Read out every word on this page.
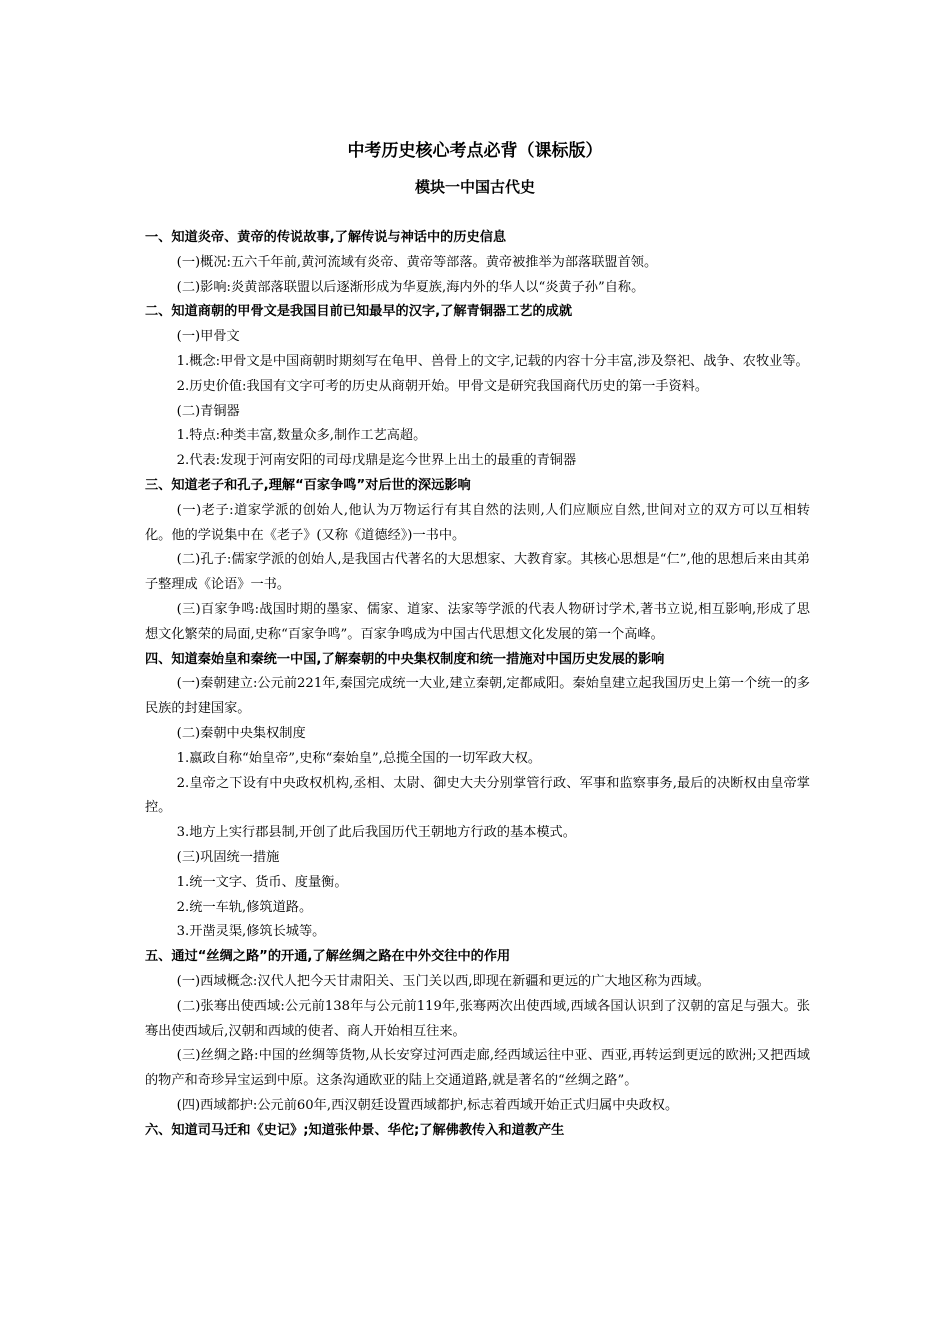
中考历史核心考点必背（课标版）
模块一中国古代史

一、知道炎帝、黄帝的传说故事,了解传说与神话中的历史信息

(一)概况:五六千年前,黄河流域有炎帝、黄帝等部落。黄帝被推举为部落联盟首领。

(二)影响:炎黄部落联盟以后逐渐形成为华夏族,海内外的华人以“炎黄子孙”自称。

二、知道商朝的甲骨文是我国目前已知最早的汉字,了解青铜器工艺的成就

(一)甲骨文

1.概念:甲骨文是中国商朝时期刻写在龟甲、兽骨上的文字,记载的内容十分丰富,涉及祭祀、战争、农牧业等。

2.历史价值:我国有文字可考的历史从商朝开始。甲骨文是研究我国商代历史的第一手资料。

(二)青铜器

1.特点:种类丰富,数量众多,制作工艺高超。

2.代表:发现于河南安阳的司母戊鼎是迄今世界上出土的最重的青铜器

三、知道老子和孔子,理解“百家争鸣”对后世的深远影响

(一)老子:道家学派的创始人,他认为万物运行有其自然的法则,人们应顺应自然,世间对立的双方可以互相转化。他的学说集中在《老子》(又称《道德经》)一书中。

(二)孔子:儒家学派的创始人,是我国古代著名的大思想家、大教育家。其核心思想是“仁”,他的思想后来由其弟子整理成《论语》一书。

(三)百家争鸣:战国时期的墨家、儒家、道家、法家等学派的代表人物研讨学术,著书立说,相互影响,形成了思想文化繁荣的局面,史称“百家争鸣”。百家争鸣成为中国古代思想文化发展的第一个高峰。

四、知道秦始皇和秦统一中国,了解秦朝的中央集权制度和统一措施对中国历史发展的影响

(一)秦朝建立:公元前221年,秦国完成统一大业,建立秦朝,定都咸阳。秦始皇建立起我国历史上第一个统一的多民族的封建国家。

(二)秦朝中央集权制度

1.嬴政自称“始皇帝”,史称“秦始皇”,总揽全国的一切军政大权。

2.皇帝之下设有中央政权机构,丞相、太尉、御史大夫分别掌管行政、军事和监察事务,最后的决断权由皇帝掌控。

3.地方上实行郡县制,开创了此后我国历代王朝地方行政的基本模式。

(三)巩固统一措施

1.统一文字、货币、度量衡。

2.统一车轨,修筑道路。

3.开凿灵渠,修筑长城等。

五、通过“丝绸之路”的开通,了解丝绸之路在中外交往中的作用

(一)西域概念:汉代人把今天甘肃阳关、玉门关以西,即现在新疆和更远的广大地区称为西域。

(二)张骞出使西域:公元前138年与公元前119年,张骞两次出使西域,西域各国认识到了汉朝的富足与强大。张骞出使西域后,汉朝和西域的使者、商人开始相互往来。

(三)丝绸之路:中国的丝绸等货物,从长安穿过河西走廊,经西域运往中亚、西亚,再转运到更远的欧洲;又把西域的物产和奇珍异宝运到中原。这条沟通欧亚的陆上交通道路,就是著名的“丝绸之路”。

(四)西域都护:公元前60年,西汉朝廷设置西域都护,标志着西域开始正式归属中央政权。

六、知道司马迁和《史记》;知道张仲景、华佗;了解佛教传入和道教产生
